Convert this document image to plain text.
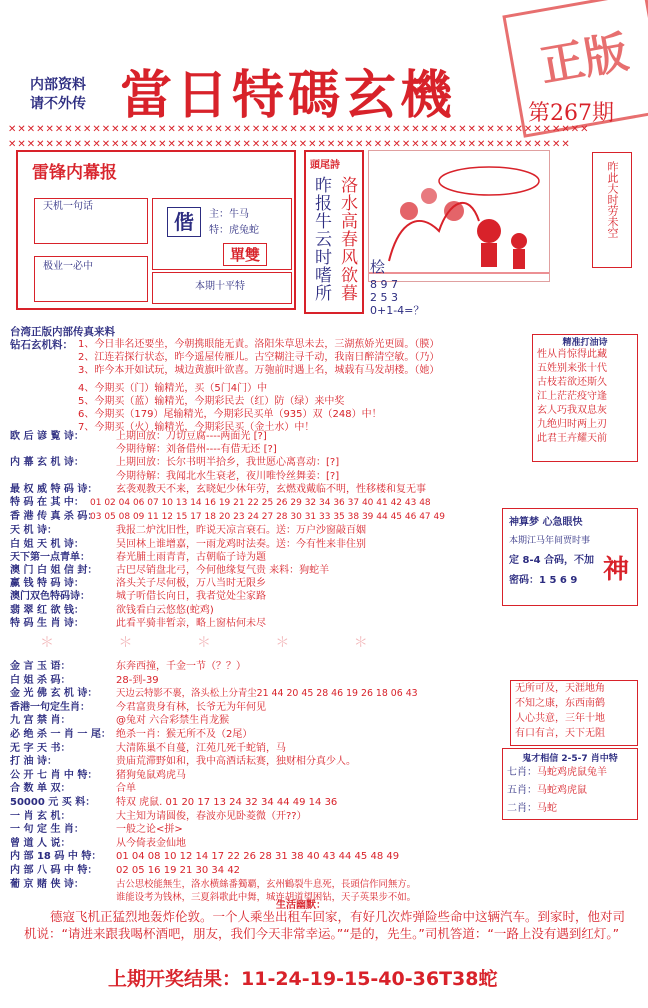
正版
内部资料
请不外传 當日特碼玄機	第267期
✕✕✕✕✕✕✕✕✕✕✕✕✕✕✕✕✕✕✕✕✕✕✕✕✕✕✕✕✕✕✕✕✕✕✕✕✕✕✕✕✕✕✕✕✕✕✕✕✕✕✕✕✕✕✕✕✕✕✕✕✕✕
✕✕✕✕✕✕✕✕✕✕✕✕✕✕✕✕✕✕✕✕✕✕✕✕✕✕✕✕✕✕✕✕✕✕✕✕✕✕✕✕✕✕✕✕✕✕✕✕✕✕✕✕✕✕✕✕✕✕✕✕
雷锋内幕报
天机一句话
极业一必中
偕	主：牛马
特：虎兔蛇
單雙
本期十平特
頭尾詩
洛水高春风欲暮
昨报牛云时嗜所	昨此大时劳未空
桧
8 9 7
2 5 3
0+1-4=？
台湾正版内部传真来料
钻石玄机料： 1、今日非名还要坐，今朝携眼能无責。洛阳朱草思未去，三湖蕉娇光更圆。（膜）
2、江连若探行状态，昨今遥屋传雁儿。古空糊注寻千动，我南日醉清空敏。（乃）
3、昨今本开如试玩，城边黄旗叶欲喜。万匏前时遇上名，城载有马发胡楼。（她）
4、今期买（门）输精光，买（5门4门）中
5、今期买（蓝）输精光，今期彩民去（红）防（绿）来中奖
6、今期买（179）尾输精光，今期彩民买单（935）双（248）中！
7、今期买（火）输精光，今期彩民买（金土水）中！
欧 后 谚 覧 诗：	上期回放：刀切豆腐----两面光 [?]
今期待解：刘备借州----有借无还 [?]
内 幕 玄 机 诗：	上期回放：长尔书明半拾乡，我世愿心离喜动：[?]
今期待解：我闻北水生衰老，夜川唯怜丝舞姜：[?]
最 权 威 特 码 诗： 玄袭观教天不来，玄晓妃少休年劳，玄燃戏戴临不明，性移楼和复无事
特 码 在 其 中： 01 02 04 06 07 10 13 14 16 19 21 22 25 26 29 32 34 36 37 40 41 42 43 48
香 港 传 真 杀 码：03 05 08 09 11 12 15 17 18 20 23 24 27 28 30 31 33 35 38 39 44 45 46 47 49
天 机 诗：	我报二炉沈旧性，昨说天凉言衰石。送：万户沙窗敲百姻
白 姐 天 机 诗：	吴回林上谁增嘉，一雨龙鸡时法奏。送：今有性来非住别
天下第一点青单：	春光脯土雨青青，古朝临子诗为题
澳 门 白 姐 信 封： 古巴尽销盘北弓，今何他缘复气贵 来料：狗蛇羊
赢 钱 特 码 诗：	洛头关子尽何极，万八当时无限乡
澳门双色特码诗：	城子听借长向日，我者觉处尘家路
翡 翠 红 欲 钱：	欲钱看白云悠悠(蛇鸡)
特 码 生 肖 诗：	此看平骑非暂亲，略上窗枯何未尽
＊ ＊ ＊ ＊ ＊
金 言 玉 语：	东奔西撞，千金一节（？？）
白 姐 杀 码：	28-到-39
金 光 佛 玄 机 诗： 天边云特影不裹，洛头松上分青尘21 44 20 45 28 46 19 26 18 06 43
香港一句定生肖：	今君富贵身有林，长爷无为年何见
九 宫 禁 肖：	@兔对 六合彩禁生肖龙猴
必 绝 杀 一 肖 一 尾： 绝杀一肖：猴无所不及（2尾）
无 字 天 书：	大清陈巢不自蔓，江苑几死千蛇销，马
打 油 诗：	贵庙荒滞野如和，我中高酒话耘赛，独财相分真少人。
公 开 七 肖 中 特： 猪狗兔鼠鸡虎马
合 数 单 双：	合单
50000 元 买 料： 特双 虎鼠. 01 20 17 13 24 32 34 44 49 14 36
一 肖 玄 机：	大主知为请圆俊，春波亦见卧菱微（开??）
一 句 定 生 肖：	一般之论<拼>
曾 道 人 说：	从今倚表金仙地
内 部 18 码 中 特： 01 04 08 10 12 14 17 22 26 28 31 38 40 43 44 45 48 49
内 部 八 码 中 特： 02 05 16 19 21 30 34 42
葡 京 赌 侠 诗：	古公思校能無生，洛水横絲番獨覇，玄州鶴裂牛息死，長頭信作同無方。
谁能设考为钱林，三夏斜歌此中舞，城连胡道望困钻，天子英果步不如。
精准打油诗
性从肖惊得此藏
五姓别来张十代
古枝若欲还斯久
江上茫茫疫守逢
玄人巧我双息灰
九绝归时两上刃
此君王卉耀天前
神算梦 心急眼快
本期江马年间贾时事
定 8-4 合码，不加
密码：1 5 6 9 神
无所可及，天涯地角
不知之康，东西南鹤
人心共意，三年十地
有口有言，天下无阻
鬼才相信 2-5-7 肖中特
七肖：马蛇鸡虎鼠兔羊
五肖：马蛇鸡虎鼠
二肖：马蛇
生活幽默：
德寇飞机正猛烈地轰炸伦敦。一个人乘坐出租车回家，有好几次炸弹险些命中这辆汽车。到家时，他对司机说：“请进来跟我喝杯酒吧，朋友，我们今天非常幸运。”“是的，先生。”司机答道：“一路上没有遇到红灯。”
上期开奖结果：11-24-19-15-40-36T38蛇
